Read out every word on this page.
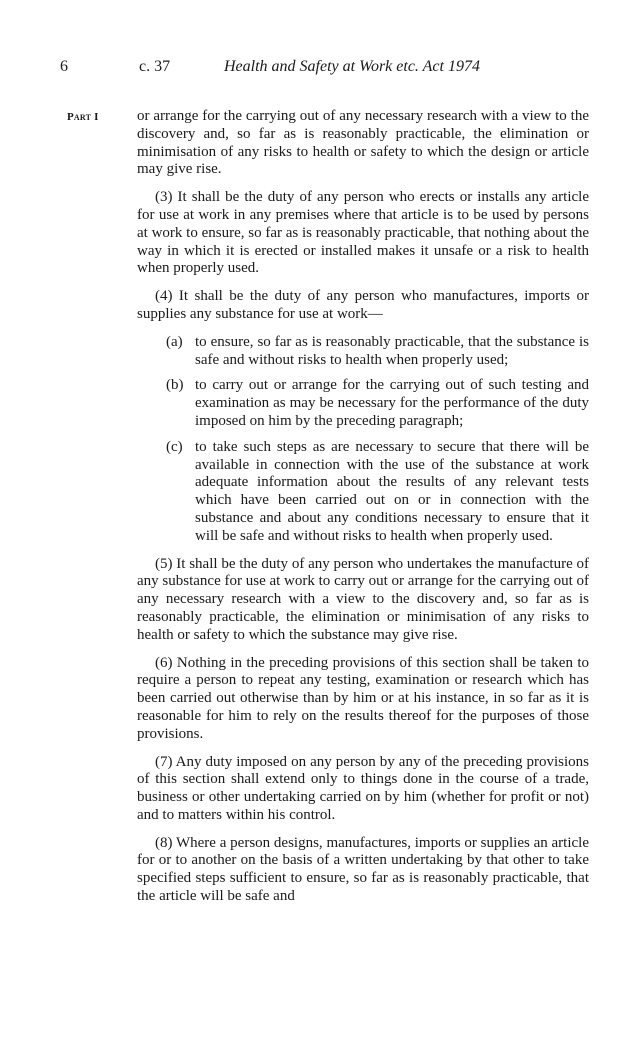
6	c. 37	Health and Safety at Work etc. Act 1974
Part I	or arrange for the carrying out of any necessary research with a view to the discovery and, so far as is reasonably practicable, the elimination or minimisation of any risks to health or safety to which the design or article may give rise.

(3) It shall be the duty of any person who erects or installs any article for use at work in any premises where that article is to be used by persons at work to ensure, so far as is reasonably practicable, that nothing about the way in which it is erected or installed makes it unsafe or a risk to health when properly used.

(4) It shall be the duty of any person who manufactures, imports or supplies any substance for use at work—

(a) to ensure, so far as is reasonably practicable, that the substance is safe and without risks to health when properly used;
(b) to carry out or arrange for the carrying out of such testing and examination as may be necessary for the performance of the duty imposed on him by the preceding paragraph;
(c) to take such steps as are necessary to secure that there will be available in connection with the use of the substance at work adequate information about the results of any relevant tests which have been carried out on or in connection with the substance and about any conditions necessary to ensure that it will be safe and without risks to health when properly used.

(5) It shall be the duty of any person who undertakes the manufacture of any substance for use at work to carry out or arrange for the carrying out of any necessary research with a view to the discovery and, so far as is reasonably practicable, the elimination or minimisation of any risks to health or safety to which the substance may give rise.

(6) Nothing in the preceding provisions of this section shall be taken to require a person to repeat any testing, examination or research which has been carried out otherwise than by him or at his instance, in so far as it is reasonable for him to rely on the results thereof for the purposes of those provisions.

(7) Any duty imposed on any person by any of the preceding provisions of this section shall extend only to things done in the course of a trade, business or other undertaking carried on by him (whether for profit or not) and to matters within his control.

(8) Where a person designs, manufactures, imports or supplies an article for or to another on the basis of a written undertaking by that other to take specified steps sufficient to ensure, so far as is reasonably practicable, that the article will be safe and
